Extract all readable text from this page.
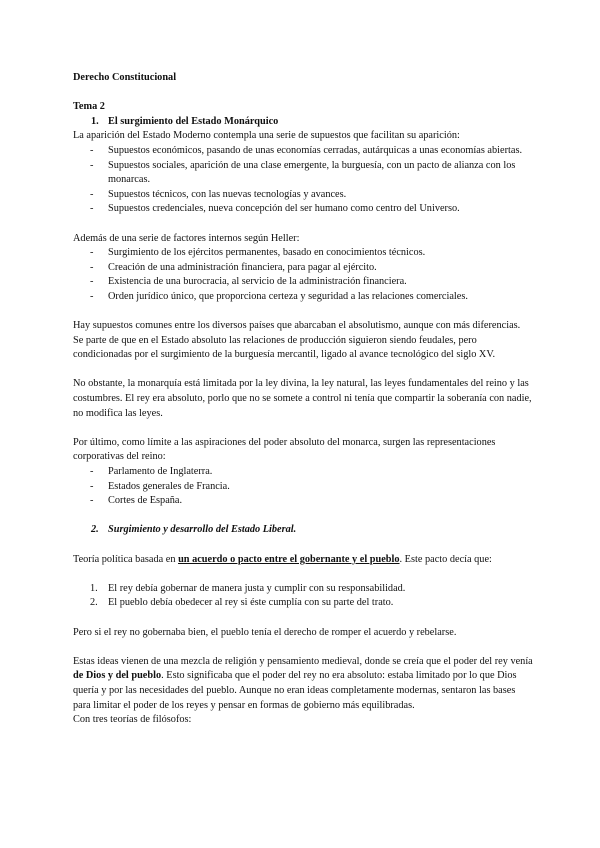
Derecho Constitucional

Tema 2

1. El surgimiento del Estado Monárquico

La aparición del Estado Moderno contempla una serie de supuestos que facilitan su aparición:

- Supuestos económicos, pasando de unas economías cerradas, autárquicas a unas economías abiertas.
- Supuestos sociales, aparición de una clase emergente, la burguesía, con un pacto de alianza con los monarcas.
- Supuestos técnicos, con las nuevas tecnologías y avances.
- Supuestos credenciales, nueva concepción del ser humano como centro del Universo.

Además de una serie de factores internos según Heller:

- Surgimiento de los ejércitos permanentes, basado en conocimientos técnicos.
- Creación de una administración financiera, para pagar al ejército.
- Existencia de una burocracia, al servicio de la administración financiera.
- Orden jurídico único, que proporciona certeza y seguridad a las relaciones comerciales.

Hay supuestos comunes entre los diversos países que abarcaban el absolutismo, aunque con más diferencias.

Se parte de que en el Estado absoluto las relaciones de producción siguieron siendo feudales, pero condicionadas por el surgimiento de la burguesía mercantil, ligado al avance tecnológico del siglo XV.

No obstante, la monarquía está limitada por la ley divina, la ley natural, las leyes fundamentales del reino y las costumbres. El rey era absoluto, porlo que no se somete a control ni tenía que compartir la soberanía con nadie, no modifica las leyes.

Por último, como límite a las aspiraciones del poder absoluto del monarca, surgen las representaciones corporativas del reino:

- Parlamento de Inglaterra.
- Estados generales de Francia.
- Cortes de España.

2. Surgimiento y desarrollo del Estado Liberal.

Teoría política basada en un acuerdo o pacto entre el gobernante y el pueblo. Este pacto decía que:

1. El rey debía gobernar de manera justa y cumplir con su responsabilidad.
2. El pueblo debía obedecer al rey si éste cumplía con su parte del trato.

Pero si el rey no gobernaba bien, el pueblo tenía el derecho de romper el acuerdo y rebelarse.

Estas ideas vienen de una mezcla de religión y pensamiento medieval, donde se creía que el poder del rey venía de Dios y del pueblo. Esto significaba que el poder del rey no era absoluto: estaba limitado por lo que Dios quería y por las necesidades del pueblo. Aunque no eran ideas completamente modernas, sentaron las bases para limitar el poder de los reyes y pensar en formas de gobierno más equilibradas.

Con tres teorías de filósofos:
